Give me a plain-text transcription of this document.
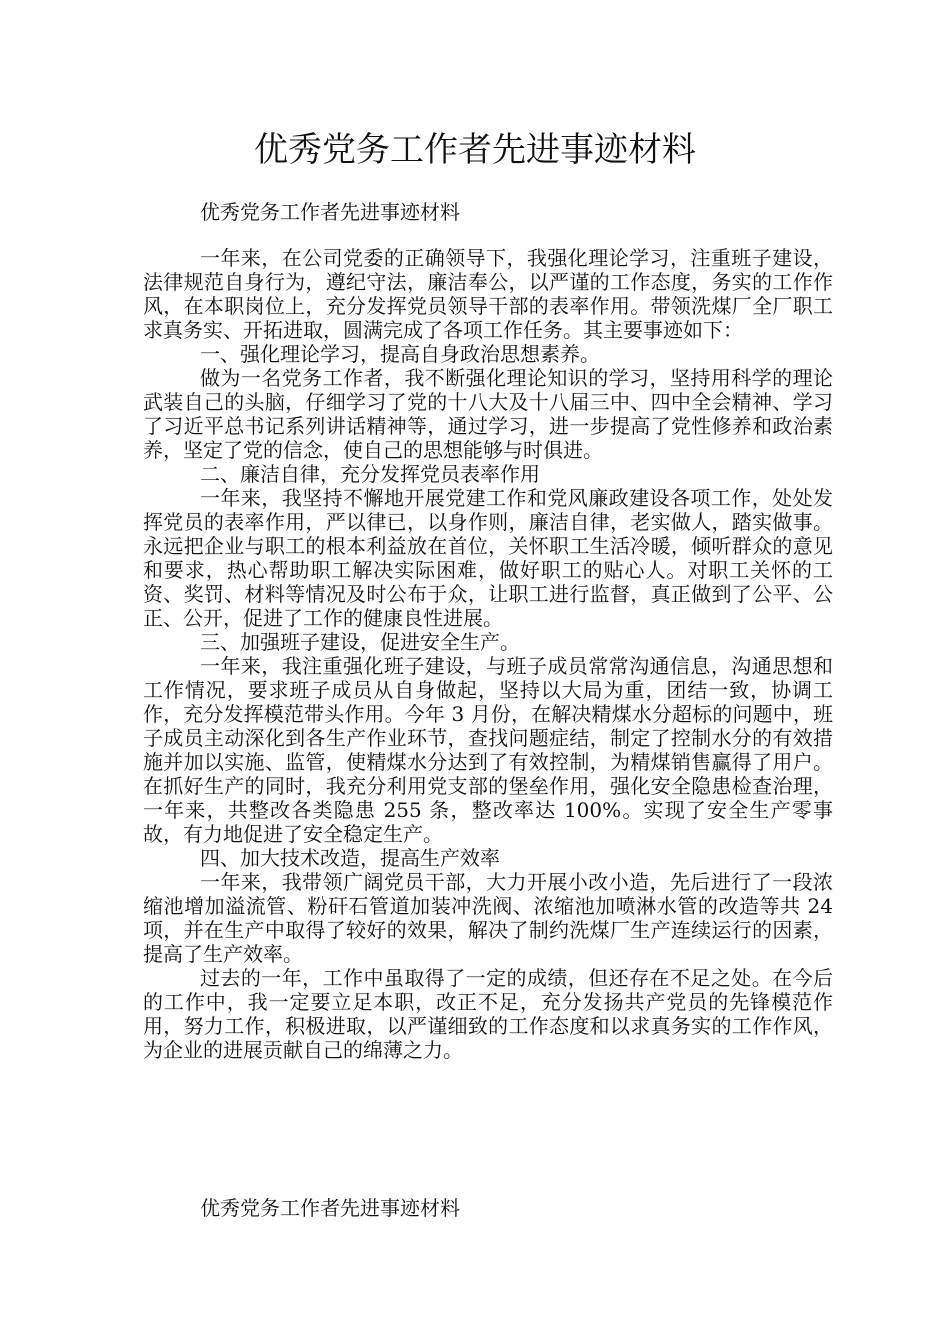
优秀党务工作者先进事迹材料

优秀党务工作者先进事迹材料

一年来，在公司党委的正确领导下，我强化理论学习，注重班子建设，法律规范自身行为，遵纪守法，廉洁奉公，以严谨的工作态度，务实的工作作风，在本职岗位上，充分发挥党员领导干部的表率作用。带领洗煤厂全厂职工求真务实、开拓进取，圆满完成了各项工作任务。其主要事迹如下：

一、强化理论学习，提高自身政治思想素养。

做为一名党务工作者，我不断强化理论知识的学习，坚持用科学的理论武装自己的头脑，仔细学习了党的十八大及十八届三中、四中全会精神、学习了习近平总书记系列讲话精神等，通过学习，进一步提高了党性修养和政治素养，坚定了党的信念，使自己的思想能够与时俱进。

二、廉洁自律，充分发挥党员表率作用

一年来，我坚持不懈地开展党建工作和党风廉政建设各项工作，处处发挥党员的表率作用，严以律已，以身作则，廉洁自律，老实做人，踏实做事。永远把企业与职工的根本利益放在首位，关怀职工生活冷暖，倾听群众的意见和要求，热心帮助职工解决实际困难，做好职工的贴心人。对职工关怀的工资、奖罚、材料等情况及时公布于众，让职工进行监督，真正做到了公平、公正、公开，促进了工作的健康良性进展。

三、加强班子建设，促进安全生产。

一年来，我注重强化班子建设，与班子成员常常沟通信息，沟通思想和工作情况，要求班子成员从自身做起，坚持以大局为重，团结一致，协调工作，充分发挥模范带头作用。今年 3 月份，在解决精煤水分超标的问题中，班子成员主动深化到各生产作业环节，查找问题症结，制定了控制水分的有效措施并加以实施、监管，使精煤水分达到了有效控制，为精煤销售赢得了用户。在抓好生产的同时，我充分利用党支部的堡垒作用，强化安全隐患检查治理，一年来，共整改各类隐患 255 条，整改率达 100%。实现了安全生产零事故，有力地促进了安全稳定生产。

四、加大技术改造，提高生产效率

一年来，我带领广阔党员干部，大力开展小改小造，先后进行了一段浓缩池增加溢流管、粉矸石管道加装冲洗阀、浓缩池加喷淋水管的改造等共 24 项，并在生产中取得了较好的效果，解决了制约洗煤厂生产连续运行的因素，提高了生产效率。

过去的一年，工作中虽取得了一定的成绩，但还存在不足之处。在今后的工作中，我一定要立足本职，改正不足，充分发扬共产党员的先锋模范作用，努力工作，积极进取，以严谨细致的工作态度和以求真务实的工作作风，为企业的进展贡献自己的绵薄之力。

优秀党务工作者先进事迹材料
